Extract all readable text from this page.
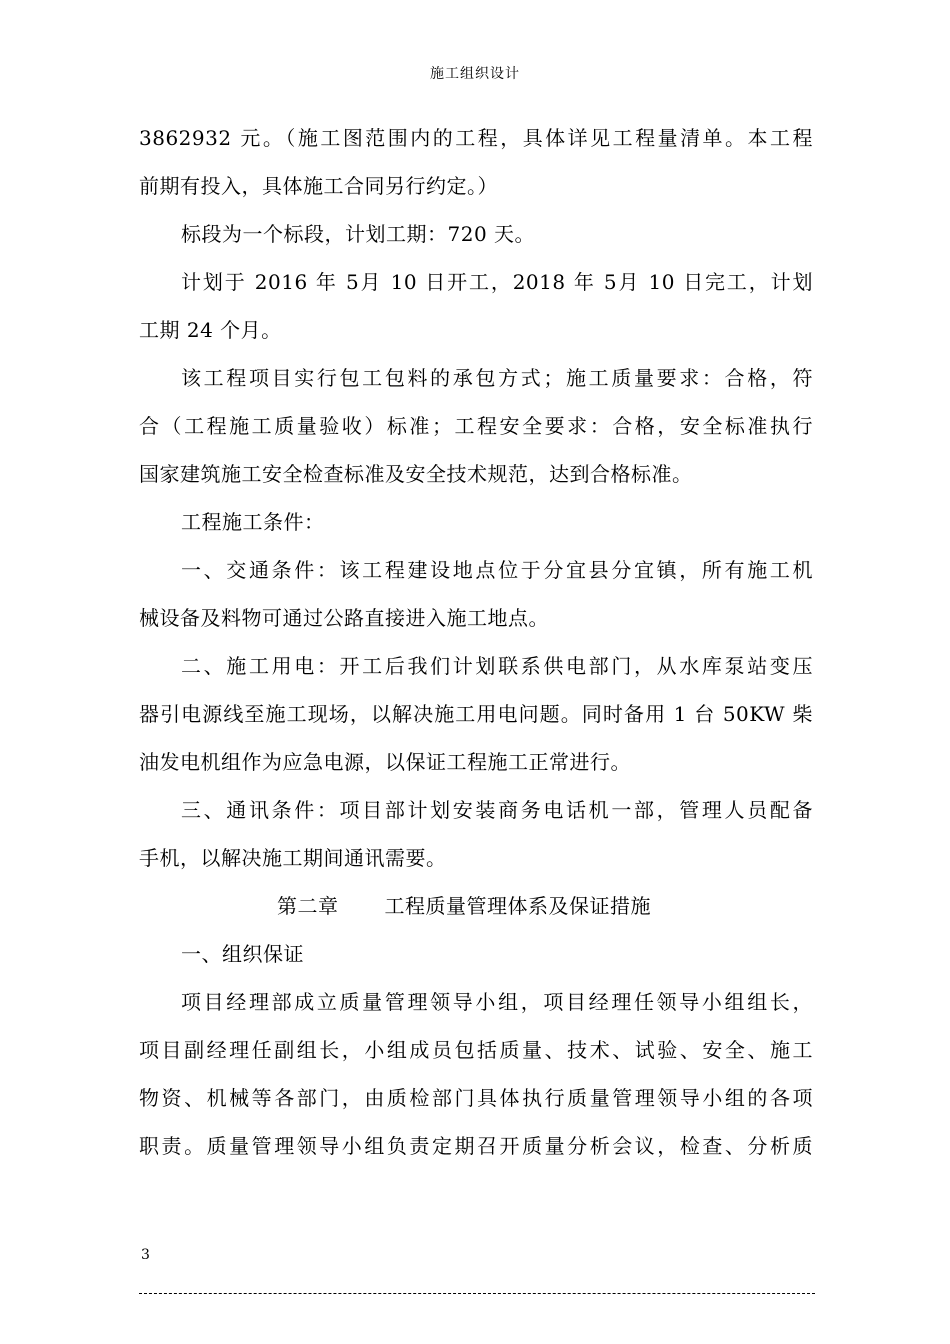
施工组织设计
3862932 元。（施工图范围内的工程，具体详见工程量清单。本工程
前期有投入，具体施工合同另行约定。）
标段为一个标段，计划工期：720 天。
计划于 2016 年 5月 10 日开工，2018 年 5月 10 日完工，计划
工期 24 个月。
该工程项目实行包工包料的承包方式；施工质量要求：合格，符
合（工程施工质量验收）标准；工程安全要求：合格，安全标准执行
国家建筑施工安全检查标准及安全技术规范，达到合格标准。
工程施工条件：
一、交通条件：该工程建设地点位于分宜县分宜镇，所有施工机
械设备及料物可通过公路直接进入施工地点。
二、施工用电：开工后我们计划联系供电部门，从水库泵站变压
器引电源线至施工现场，以解决施工用电问题。同时备用 1 台 50KW 柴
油发电机组作为应急电源，以保证工程施工正常进行。
三、通讯条件：项目部计划安装商务电话机一部，管理人员配备
手机，以解决施工期间通讯需要。
第二章 工程质量管理体系及保证措施
一、组织保证
项目经理部成立质量管理领导小组，项目经理任领导小组组长，
项目副经理任副组长，小组成员包括质量、技术、试验、安全、施工
物资、机械等各部门，由质检部门具体执行质量管理领导小组的各项
职责。质量管理领导小组负责定期召开质量分析会议，检查、分析质
3
